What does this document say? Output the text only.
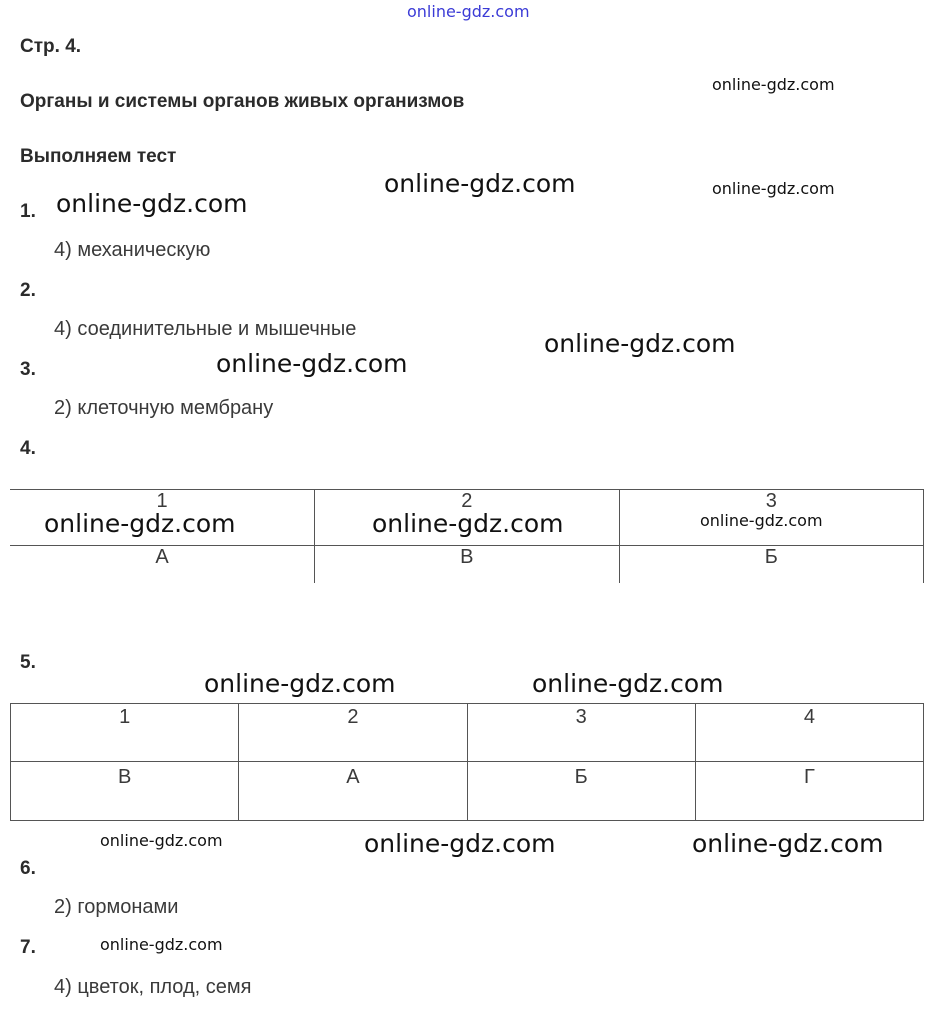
online-gdz.com
Стр. 4.
Органы и системы органов живых организмов
Выполняем тест
1.
4) механическую
2.
4) соединительные и мышечные
3.
2) клеточную мембрану
4.
1	2	3
А	В	Б
5.
1	2	3	4
В	А	Б	Г
6.
2) гормонами
7.
4) цветок, плод, семя
online-gdz.com
online-gdz.com	online-gdz.com
online-gdz.com
online-gdz.com
online-gdz.com
online-gdz.com	online-gdz.com	online-gdz.com
online-gdz.com	online-gdz.com
online-gdz.com	online-gdz.com	online-gdz.com
online-gdz.com
